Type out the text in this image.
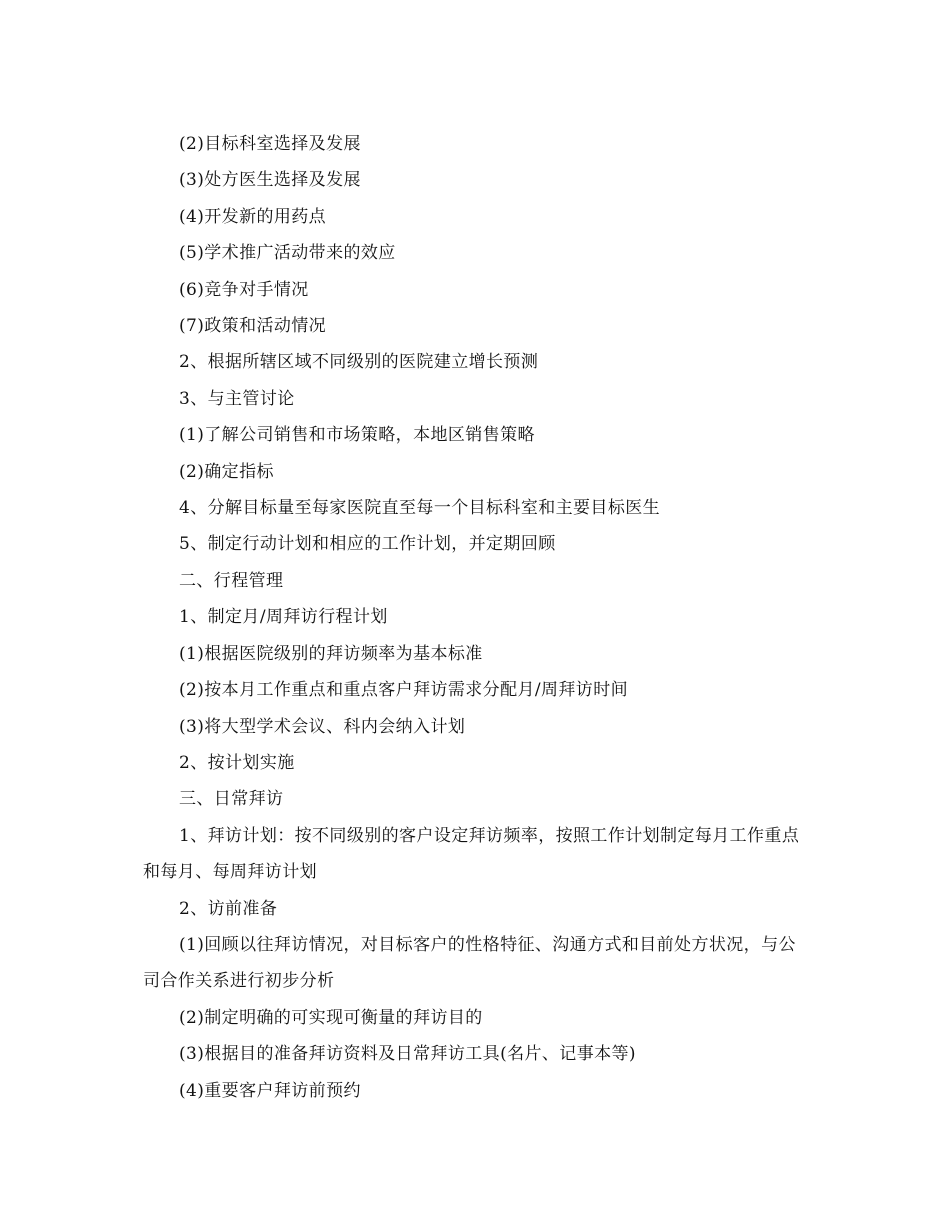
(2)目标科室选择及发展

(3)处方医生选择及发展

(4)开发新的用药点

(5)学术推广活动带来的效应

(6)竞争对手情况

(7)政策和活动情况

2、根据所辖区域不同级别的医院建立增长预测

3、与主管讨论

(1)了解公司销售和市场策略，本地区销售策略

(2)确定指标

4、分解目标量至每家医院直至每一个目标科室和主要目标医生

5、制定行动计划和相应的工作计划，并定期回顾

二、行程管理

1、制定月/周拜访行程计划

(1)根据医院级别的拜访频率为基本标准

(2)按本月工作重点和重点客户拜访需求分配月/周拜访时间

(3)将大型学术会议、科内会纳入计划

2、按计划实施

三、日常拜访

1、拜访计划：按不同级别的客户设定拜访频率，按照工作计划制定每月工作重点和每月、每周拜访计划

2、访前准备

(1)回顾以往拜访情况，对目标客户的性格特征、沟通方式和目前处方状况，与公司合作关系进行初步分析

(2)制定明确的可实现可衡量的拜访目的

(3)根据目的准备拜访资料及日常拜访工具(名片、记事本等)

(4)重要客户拜访前预约
